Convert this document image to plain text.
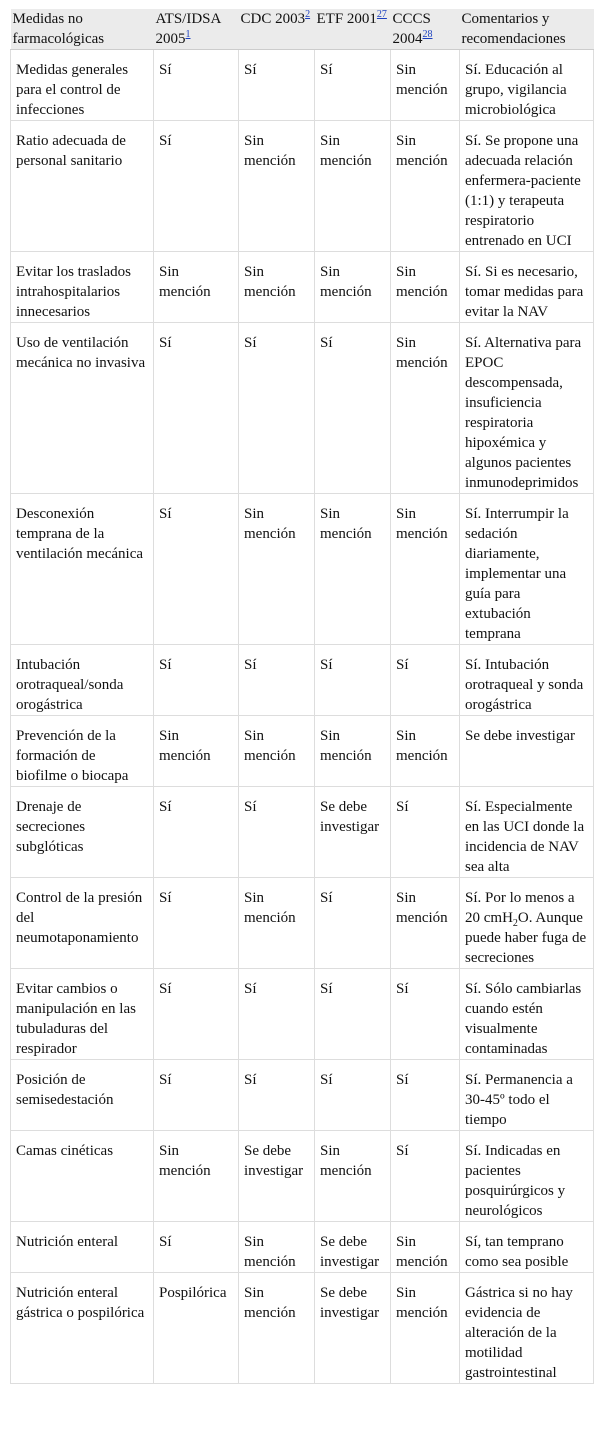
Medidas no farmacológicas	ATS/IDSA 2005$^1$	CDC 2003$^2$	ETF 2001$^{27}$	CCCS 2004$^{28}$	Comentarios y recomendaciones
Medidas generales para el control de infecciones	Sí	Sí	Sí	Sin mención	Sí. Educación al grupo, vigilancia microbiológica
Ratio adecuada de personal sanitario	Sí	Sin mención	Sin mención	Sin mención	Sí. Se propone una adecuada relación enfermera-paciente (1:1) y terapeuta respiratorio entrenado en UCI
Evitar los traslados intrahospitalarios innecesarios	Sin mención	Sin mención	Sin mención	Sin mención	Sí. Si es necesario, tomar medidas para evitar la NAV
Uso de ventilación mecánica no invasiva	Sí	Sí	Sí	Sin mención	Sí. Alternativa para EPOC descompensada, insuficiencia respiratoria hipoxémica y algunos pacientes inmunodeprimidos
Desconexión temprana de la ventilación mecánica	Sí	Sin mención	Sin mención	Sin mención	Sí. Interrumpir la sedación diariamente, implementar una guía para extubación temprana
Intubación orotraqueal/sonda orogástrica	Sí	Sí	Sí	Sí	Sí. Intubación orotraqueal y sonda orogástrica
Prevención de la formación de biofilme o biocapa	Sin mención	Sin mención	Sin mención	Sin mención	Se debe investigar
Drenaje de secreciones subglóticas	Sí	Sí	Se debe investigar	Sí	Sí. Especialmente en las UCI donde la incidencia de NAV sea alta
Control de la presión del neumotaponamiento	Sí	Sin mención	Sí	Sin mención	Sí. Por lo menos a 20 cmH$_2$O. Aunque puede haber fuga de secreciones
Evitar cambios o manipulación en las tubuladuras del respirador	Sí	Sí	Sí	Sí	Sí. Sólo cambiarlas cuando estén visualmente contaminadas
Posición de semisedestación	Sí	Sí	Sí	Sí	Sí. Permanencia a 30-45º todo el tiempo
Camas cinéticas	Sin mención	Se debe investigar	Sin mención	Sí	Sí. Indicadas en pacientes posquirúrgicos y neurológicos
Nutrición enteral	Sí	Sin mención	Se debe investigar	Sin mención	Sí, tan temprano como sea posible
Nutrición enteral gástrica o pospilórica	Pospilórica	Sin mención	Se debe investigar	Sin mención	Gástrica si no hay evidencia de alteración de la motilidad gastrointestinal
